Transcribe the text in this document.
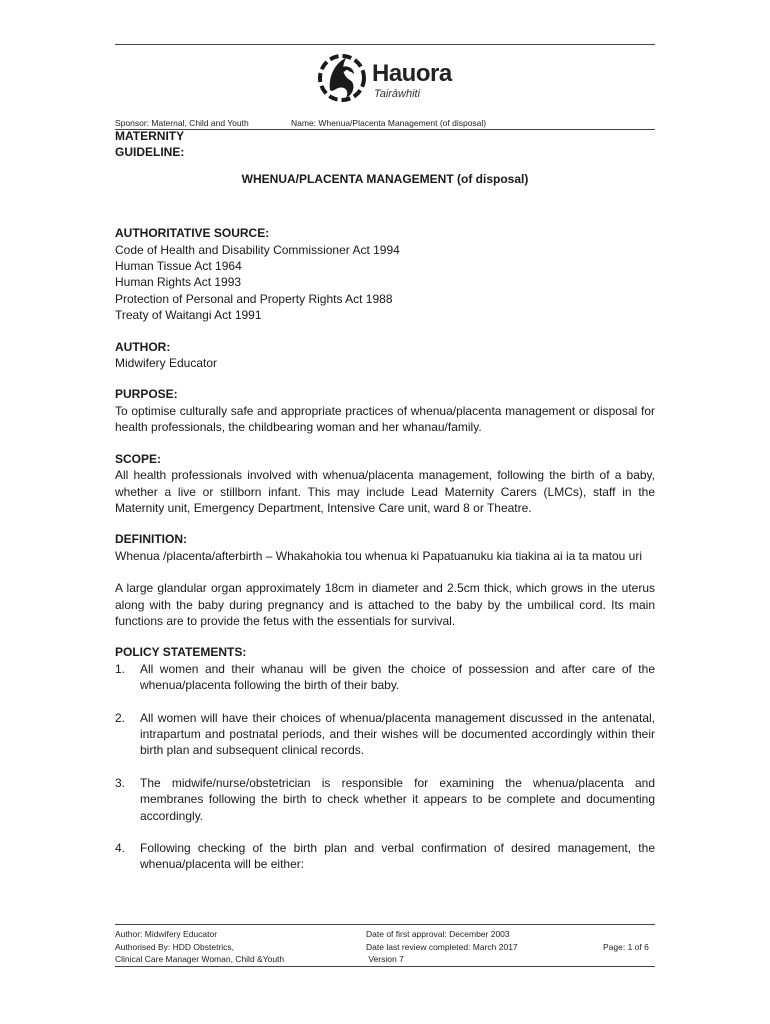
Hauora
Tairāwhiti
Sponsor: Maternal, Child and Youth	Name: Whenua/Placenta Management (of disposal)
MATERNITY
GUIDELINE:
WHENUA/PLACENTA MANAGEMENT (of disposal)
AUTHORITATIVE SOURCE:
Code of Health and Disability Commissioner Act 1994
Human Tissue Act 1964
Human Rights Act 1993
Protection of Personal and Property Rights Act 1988
Treaty of Waitangi Act 1991
AUTHOR:
Midwifery Educator
PURPOSE:
To optimise culturally safe and appropriate practices of whenua/placenta management or disposal for health professionals, the childbearing woman and her whanau/family.
SCOPE:
All health professionals involved with whenua/placenta management, following the birth of a baby, whether a live or stillborn infant. This may include Lead Maternity Carers (LMCs), staff in the Maternity unit, Emergency Department, Intensive Care unit, ward 8 or Theatre.
DEFINITION:
Whenua /placenta/afterbirth – Whakahokia tou whenua ki Papatuanuku kia tiakina ai ia ta matou uri
A large glandular organ approximately 18cm in diameter and 2.5cm thick, which grows in the uterus along with the baby during pregnancy and is attached to the baby by the umbilical cord. Its main functions are to provide the fetus with the essentials for survival.
POLICY STATEMENTS:
1. All women and their whanau will be given the choice of possession and after care of the whenua/placenta following the birth of their baby.
2. All women will have their choices of whenua/placenta management discussed in the antenatal, intrapartum and postnatal periods, and their wishes will be documented accordingly within their birth plan and subsequent clinical records.
3. The midwife/nurse/obstetrician is responsible for examining the whenua/placenta and membranes following the birth to check whether it appears to be complete and documenting accordingly.
4. Following checking of the birth plan and verbal confirmation of desired management, the whenua/placenta will be either:
Author: Midwifery Educator
Authorised By: HDD Obstetrics,
Clinical Care Manager Woman, Child &Youth
Date of first approval: December 2003
Date last review completed: March 2017
Version 7
Page: 1 of 6
